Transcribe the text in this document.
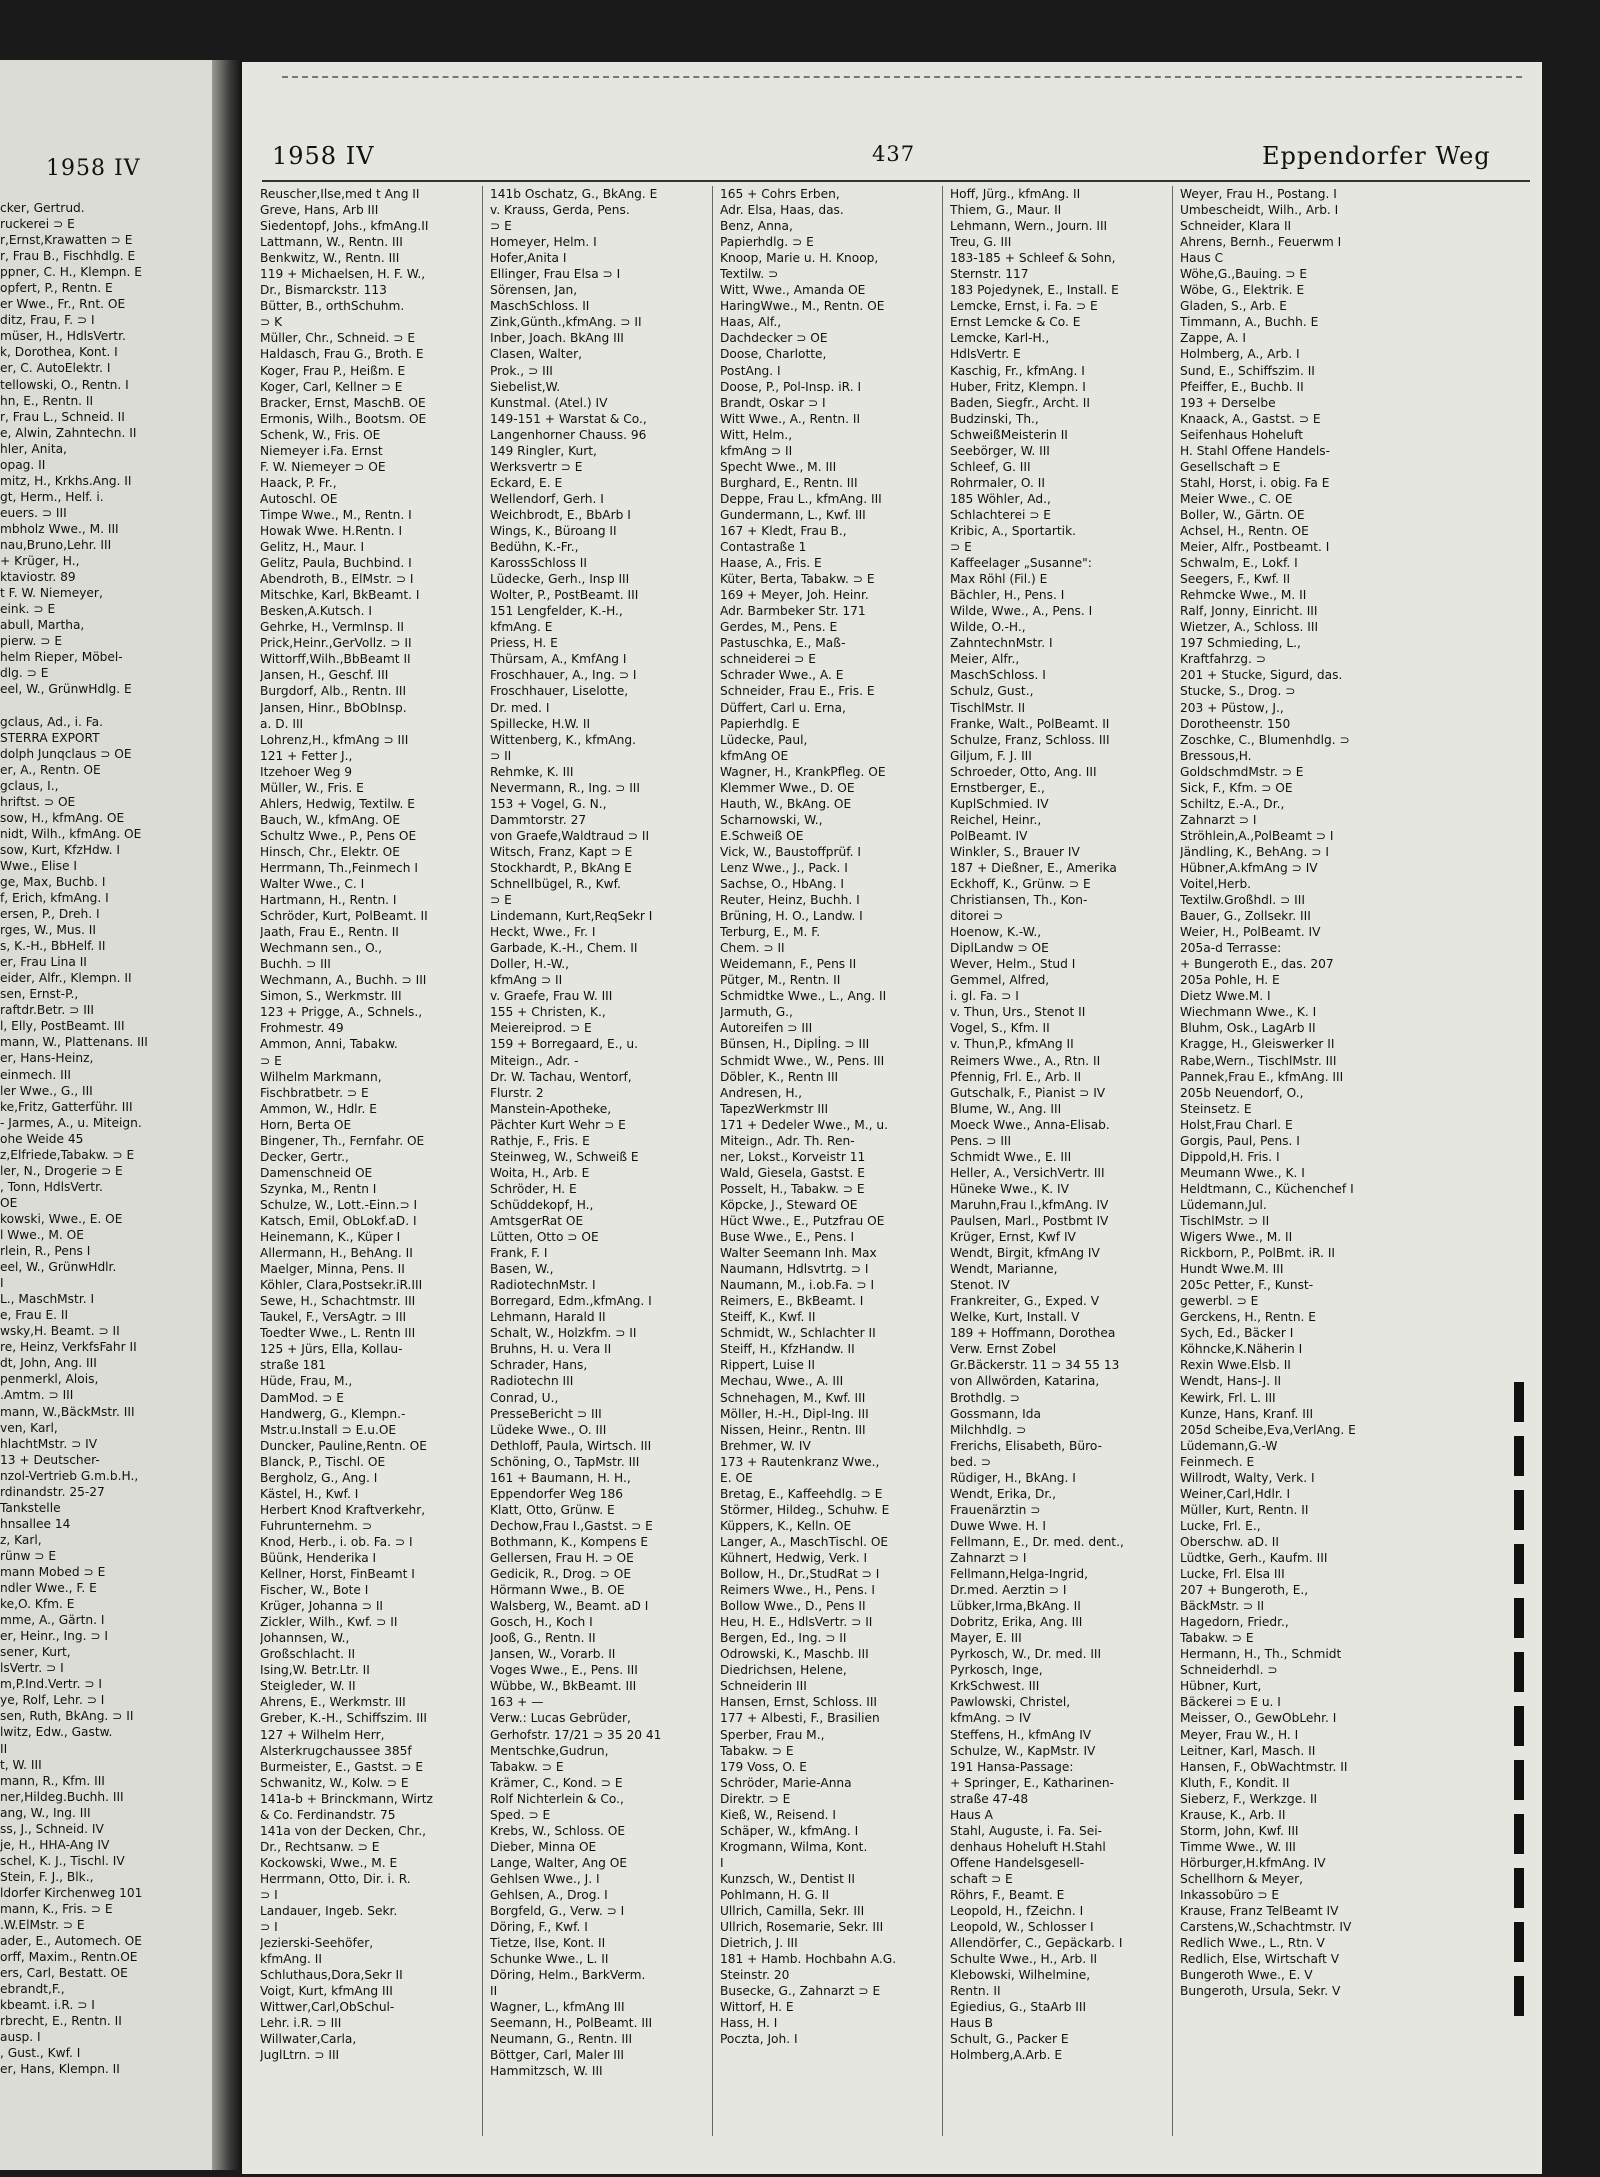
1958 IV
cker, Gertrud.
ruckerei ⊃ E
r,Ernst,Krawatten ⊃ E
r, Frau B., Fischhdlg. E
ppner, C. H., Klempn. E
opfert, P., Rentn. E
er Wwe., Fr., Rnt. OE
ditz, Frau, F. ⊃ I
müser, H., HdlsVertr.
k, Dorothea, Kont. I
er, C. AutoElektr. I
tellowski, O., Rentn. I
hn, E., Rentn. II
r, Frau L., Schneid. II
e, Alwin, Zahntechn. II
hler, Anita,
opag. II
mitz, H., Krkhs.Ang. II
gt, Herm., Helf. i.
euers. ⊃ III
mbholz Wwe., M. III
nau,Bruno,Lehr. III
+ Krüger, H.,
ktaviostr. 89
t F. W. Niemeyer,
eink. ⊃ E
abull, Martha,
pierw. ⊃ E
helm Rieper, Möbel-
dlg. ⊃ E
eel, W., GrünwHdlg. E

gclaus, Ad., i. Fa.
STERRA EXPORT
dolph Junqclaus ⊃ OE
er, A., Rentn. OE
gclaus, I.,
hriftst. ⊃ OE
sow, H., kfmAng. OE
nidt, Wilh., kfmAng. OE
sow, Kurt, KfzHdw. I
Wwe., Elise I
ge, Max, Buchb. I
f, Erich, kfmAng. I
ersen, P., Dreh. I
rges, W., Mus. II
s, K.-H., BbHelf. II
er, Frau Lina II
eider, Alfr., Klempn. II
sen, Ernst-P.,
raftdr.Betr. ⊃ III
l, Elly, PostBeamt. III
mann, W., Plattenans. III
er, Hans-Heinz,
einmech. III
ler Wwe., G., III
ke,Fritz, Gatterführ. III
- Jarmes, A., u. Miteign.
ohe Weide 45
z,Elfriede,Tabakw. ⊃ E
ler, N., Drogerie ⊃ E
, Tonn, HdlsVertr.
OE
kowski, Wwe., E. OE
l Wwe., M. OE
rlein, R., Pens I
eel, W., GrünwHdlr.
I
L., MaschMstr. I
e, Frau E. II
wsky,H. Beamt. ⊃ II
re, Heinz, VerkfsFahr II
dt, John, Ang. III
penmerkl, Alois,
.Amtm. ⊃ III
mann, W.,BäckMstr. III
ven, Karl,
hlachtMstr. ⊃ IV
13 + Deutscher-
nzol-Vertrieb G.m.b.H.,
rdinandstr. 25-27
Tankstelle
hnsallee 14
z, Karl,
rünw ⊃ E
mann Mobed ⊃ E
ndler Wwe., F. E
ke,O. Kfm. E
mme, A., Gärtn. I
er, Heinr., Ing. ⊃ I
sener, Kurt,
lsVertr. ⊃ I
m,P.Ind.Vertr. ⊃ I
ye, Rolf, Lehr. ⊃ I
sen, Ruth, BkAng. ⊃ II
lwitz, Edw., Gastw.
II
t, W. III
mann, R., Kfm. III
ner,Hildeg.Buchh. III
ang, W., Ing. III
ss, J., Schneid. IV
je, H., HHA-Ang IV
schel, K. J., Tischl. IV
Stein, F. J., Blk.,
ldorfer Kirchenweg 101
mann, K., Fris. ⊃ E
.W.ElMstr. ⊃ E
ader, E., Automech. OE
orff, Maxim., Rentn.OE
ers, Carl, Bestatt. OE
ebrandt,F.,
kbeamt. i.R. ⊃ I
rbrecht, E., Rentn. II
ausp. I
, Gust., Kwf. I
er, Hans, Klempn. II
1958 IV	437	Eppendorfer Weg
Reuscher,Ilse,med t Ang II
Greve, Hans, Arb III
Siedentopf, Johs., kfmAng.II
Lattmann, W., Rentn. III
Benkwitz, W., Rentn. III
119 + Michaelsen, H. F. W.,
Dr., Bismarckstr. 113
Bütter, B., orthSchuhm.
⊃ K
Müller, Chr., Schneid. ⊃ E
Haldasch, Frau G., Broth. E
Koger, Frau P., Heißm. E
Koger, Carl, Kellner ⊃ E
Bracker, Ernst, MaschB. OE
Ermonis, Wilh., Bootsm. OE
Schenk, W., Fris. OE
Niemeyer i.Fa. Ernst
F. W. Niemeyer ⊃ OE
Haack, P. Fr.,
Autoschl. OE
Timpe Wwe., M., Rentn. I
Howak Wwe. H.Rentn. I
Gelitz, H., Maur. I
Gelitz, Paula, Buchbind. I
Abendroth, B., ElMstr. ⊃ I
Mitschke, Karl, BkBeamt. I
Besken,A.Kutsch. I
Gehrke, H., VermInsp. II
Prick,Heinr.,GerVollz. ⊃ II
Wittorff,Wilh.,BbBeamt II
Jansen, H., Geschf. III
Burgdorf, Alb., Rentn. III
Jansen, Hinr., BbObInsp.
a. D. III
Lohrenz,H., kfmAng ⊃ III
121 + Fetter J.,
Itzehoer Weg 9
Müller, W., Fris. E
Ahlers, Hedwig, Textilw. E
Bauch, W., kfmAng. OE
Schultz Wwe., P., Pens OE
Hinsch, Chr., Elektr. OE
Herrmann, Th.,Feinmech I
Walter Wwe., C. I
Hartmann, H., Rentn. I
Schröder, Kurt, PolBeamt. II
Jaath, Frau E., Rentn. II
Wechmann sen., O.,
Buchh. ⊃ III
Wechmann, A., Buchh. ⊃ III
Simon, S., Werkmstr. III
123 + Prigge, A., Schnels.,
Frohmestr. 49
Ammon, Anni, Tabakw.
⊃ E
Wilhelm Markmann,
Fischbratbetr. ⊃ E
Ammon, W., Hdlr. E
Horn, Berta OE
Bingener, Th., Fernfahr. OE
Decker, Gertr.,
Damenschneid OE
Szynka, M., Rentn I
Schulze, W., Lott.-Einn.⊃ I
Katsch, Emil, ObLokf.aD. I
Heinemann, K., Küper I
Allermann, H., BehAng. II
Maelger, Minna, Pens. II
Köhler, Clara,Postsekr.iR.III
Sewe, H., Schachtmstr. III
Taukel, F., VersAgtr. ⊃ III
Toedter Wwe., L. Rentn III
125 + Jürs, Ella, Kollau-
straße 181
Hüde, Frau, M.,
DamMod. ⊃ E
Handwerg, G., Klempn.-
Mstr.u.Install ⊃ E.u.OE
Duncker, Pauline,Rentn. OE
Blanck, P., Tischl. OE
Bergholz, G., Ang. I
Kästel, H., Kwf. I
Herbert Knod Kraftverkehr,
Fuhrunternehm. ⊃
Knod, Herb., i. ob. Fa. ⊃ I
Büünk, Henderika I
Kellner, Horst, FinBeamt I
Fischer, W., Bote I
Krüger, Johanna ⊃ II
Zickler, Wilh., Kwf. ⊃ II
Johannsen, W.,
Großschlacht. II
Ising,W. Betr.Ltr. II
Steigleder, W. II
Ahrens, E., Werkmstr. III
Greber, K.-H., Schiffszim. III
127 + Wilhelm Herr,
Alsterkrugchaussee 385f
Burmeister, E., Gastst. ⊃ E
Schwanitz, W., Kolw. ⊃ E
141a-b + Brinckmann, Wirtz
& Co. Ferdinandstr. 75
141a von der Decken, Chr.,
Dr., Rechtsanw. ⊃ E
Kockowski, Wwe., M. E
Herrmann, Otto, Dir. i. R.
⊃ I
Landauer, Ingeb. Sekr.
⊃ I
Jezierski-Seehöfer,
kfmAng. II
Schluthaus,Dora,Sekr II
Voigt, Kurt, kfmAng III
Wittwer,Carl,ObSchul-
Lehr. i.R. ⊃ III
Willwater,Carla,
JuglLtrn. ⊃ III
141b Oschatz, G., BkAng. E
v. Krauss, Gerda, Pens.
⊃ E
Homeyer, Helm. I
Hofer,Anita I
Ellinger, Frau Elsa ⊃ I
Sörensen, Jan,
MaschSchloss. II
Zink,Günth.,kfmAng. ⊃ II
Inber, Joach. BkAng III
Clasen, Walter,
Prok., ⊃ III
Siebelist,W.
Kunstmal. (Atel.) IV
149-151 + Warstat & Co.,
Langenhorner Chauss. 96
149 Ringler, Kurt,
Werksvertr ⊃ E
Eckard, E. E
Wellendorf, Gerh. I
Weichbrodt, E., BbArb I
Wings, K., Büroang II
Bedühn, K.-Fr.,
KarossSchloss II
Lüdecke, Gerh., Insp III
Wolter, P., PostBeamt. III
151 Lengfelder, K.-H.,
kfmAng. E
Priess, H. E
Thürsam, A., KmfAng I
Froschhauer, A., Ing. ⊃ I
Froschhauer, Liselotte,
Dr. med. I
Spillecke, H.W. II
Wittenberg, K., kfmAng.
⊃ II
Rehmke, K. III
Nevermann, R., Ing. ⊃ III
153 + Vogel, G. N.,
Dammtorstr. 27
von Graefe,Waldtraud ⊃ II
Witsch, Franz, Kapt ⊃ E
Stockhardt, P., BkAng E
Schnellbügel, R., Kwf.
⊃ E
Lindemann, Kurt,ReqSekr I
Heckt, Wwe., Fr. I
Garbade, K.-H., Chem. II
Doller, H.-W.,
kfmAng ⊃ II
v. Graefe, Frau W. III
155 + Christen, K.,
Meiereiprod. ⊃ E
159 + Borregaard, E., u.
Miteign., Adr. -
Dr. W. Tachau, Wentorf,
Flurstr. 2
Manstein-Apotheke,
Pächter Kurt Wehr ⊃ E
Rathje, F., Fris. E
Steinweg, W., Schweiß E
Woita, H., Arb. E
Schröder, H. E
Schüddekopf, H.,
AmtsgerRat OE
Lütten, Otto ⊃ OE
Frank, F. I
Basen, W.,
RadiotechnMstr. I
Borregard, Edm.,kfmAng. I
Lehmann, Harald II
Schalt, W., Holzkfm. ⊃ II
Bruhns, H. u. Vera II
Schrader, Hans,
Radiotechn III
Conrad, U.,
PresseBericht ⊃ III
Lüdeke Wwe., O. III
Dethloff, Paula, Wirtsch. III
Schöning, O., TapMstr. III
161 + Baumann, H. H.,
Eppendorfer Weg 186
Klatt, Otto, Grünw. E
Dechow,Frau I.,Gastst. ⊃ E
Bothmann, K., Kompens E
Gellersen, Frau H. ⊃ OE
Gedicik, R., Drog. ⊃ OE
Hörmann Wwe., B. OE
Walsberg, W., Beamt. aD I
Gosch, H., Koch I
Jooß, G., Rentn. II
Jansen, W., Vorarb. II
Voges Wwe., E., Pens. III
Wübbe, W., BkBeamt. III
163 + —
Verw.: Lucas Gebrüder,
Gerhofstr. 17/21 ⊃ 35 20 41
Mentschke,Gudrun,
Tabakw. ⊃ E
Krämer, C., Kond. ⊃ E
Rolf Nichterlein & Co.,
Sped. ⊃ E
Krebs, W., Schloss. OE
Dieber, Minna OE
Lange, Walter, Ang OE
Gehlsen Wwe., J. I
Gehlsen, A., Drog. I
Borgfeld, G., Verw. ⊃ I
Döring, F., Kwf. I
Tietze, Ilse, Kont. II
Schunke Wwe., L. II
Döring, Helm., BarkVerm.
II
Wagner, L., kfmAng III
Seemann, H., PolBeamt. III
Neumann, G., Rentn. III
Böttger, Carl, Maler III
Hammitzsch, W. III
165 + Cohrs Erben,
Adr. Elsa, Haas, das.
Benz, Anna,
Papierhdlg. ⊃ E
Knoop, Marie u. H. Knoop,
Textilw. ⊃
Witt, Wwe., Amanda OE
HaringWwe., M., Rentn. OE
Haas, Alf.,
Dachdecker ⊃ OE
Doose, Charlotte,
PostAng. I
Doose, P., Pol-Insp. iR. I
Brandt, Oskar ⊃ I
Witt Wwe., A., Rentn. II
Witt, Helm.,
kfmAng ⊃ II
Specht Wwe., M. III
Burghard, E., Rentn. III
Deppe, Frau L., kfmAng. III
Gundermann, L., Kwf. III
167 + Kledt, Frau B.,
Contastraße 1
Haase, A., Fris. E
Küter, Berta, Tabakw. ⊃ E
169 + Meyer, Joh. Heinr.
Adr. Barmbeker Str. 171
Gerdes, M., Pens. E
Pastuschka, E., Maß-
schneiderei ⊃ E
Schrader Wwe., A. E
Schneider, Frau E., Fris. E
Düffert, Carl u. Erna,
Papierhdlg. E
Lüdecke, Paul,
kfmAng OE
Wagner, H., KrankPfleg. OE
Klemmer Wwe., D. OE
Hauth, W., BkAng. OE
Scharnowski, W.,
E.Schweiß OE
Vick, W., Baustoffprüf. I
Lenz Wwe., J., Pack. I
Sachse, O., HbAng. I
Reuter, Heinz, Buchh. I
Brüning, H. O., Landw. I
Terburg, E., M. F.
Chem. ⊃ II
Weidemann, F., Pens II
Pütger, M., Rentn. II
Schmidtke Wwe., L., Ang. II
Jarmuth, G.,
Autoreifen ⊃ III
Bünsen, H., Diplİng. ⊃ III
Schmidt Wwe., W., Pens. III
Döbler, K., Rentn III
Andresen, H.,
TapezWerkmstr III
171 + Dedeler Wwe., M., u.
Miteign., Adr. Th. Ren-
ner, Lokst., Korveistr 11
Wald, Giesela, Gastst. E
Posselt, H., Tabakw. ⊃ E
Köpcke, J., Steward OE
Hüct Wwe., E., Putzfrau OE
Buse Wwe., E., Pens. I
Walter Seemann Inh. Max
Naumann, Hdlsvtrtg. ⊃ I
Naumann, M., i.ob.Fa. ⊃ I
Reimers, E., BkBeamt. I
Steiff, K., Kwf. II
Schmidt, W., Schlachter II
Steiff, H., KfzHandw. II
Rippert, Luise II
Mechau, Wwe., A. III
Schnehagen, M., Kwf. III
Möller, H.-H., Dipl-Ing. III
Nissen, Heinr., Rentn. III
Brehmer, W. IV
173 + Rautenkranz Wwe.,
E. OE
Bretag, E., Kaffeehdlg. ⊃ E
Störmer, Hildeg., Schuhw. E
Küppers, K., Kelln. OE
Langer, A., MaschTischl. OE
Kühnert, Hedwig, Verk. I
Bollow, H., Dr.,StudRat ⊃ I
Reimers Wwe., H., Pens. I
Bollow Wwe., D., Pens II
Heu, H. E., HdlsVertr. ⊃ II
Bergen, Ed., Ing. ⊃ II
Odrowski, K., Maschb. III
Diedrichsen, Helene,
Schneiderin III
Hansen, Ernst, Schloss. III
177 + Albesti, F., Brasilien
Sperber, Frau M.,
Tabakw. ⊃ E
179 Voss, O. E
Schröder, Marie-Anna
Direktr. ⊃ E
Kieß, W., Reisend. I
Schäper, W., kfmAng. I
Krogmann, Wilma, Kont.
I
Kunzsch, W., Dentist II
Pohlmann, H. G. II
Ullrich, Camilla, Sekr. III
Ullrich, Rosemarie, Sekr. III
Dietrich, J. III
181 + Hamb. Hochbahn A.G.
Steinstr. 20
Busecke, G., Zahnarzt ⊃ E
Wittorf, H. E
Hass, H. I
Poczta, Joh. I
Hoff, Jürg., kfmAng. II
Thiem, G., Maur. II
Lehmann, Wern., Journ. III
Treu, G. III
183-185 + Schleef & Sohn,
Sternstr. 117
183 Pojedynek, E., Install. E
Lemcke, Ernst, i. Fa. ⊃ E
Ernst Lemcke & Co. E
Lemcke, Karl-H.,
HdlsVertr. E
Kaschig, Fr., kfmAng. I
Huber, Fritz, Klempn. I
Baden, Siegfr., Archt. II
Budzinski, Th.,
SchweißMeisterin II
Seebörger, W. III
Schleef, G. III
Rohrmaler, O. II
185 Wöhler, Ad.,
Schlachterei ⊃ E
Kribic, A., Sportartik.
⊃ E
Kaffeelager „Susanne":
Max Röhl (Fil.) E
Bächler, H., Pens. I
Wilde, Wwe., A., Pens. I
Wilde, O.-H.,
ZahntechnMstr. I
Meier, Alfr.,
MaschSchloss. I
Schulz, Gust.,
TischlMstr. II
Franke, Walt., PolBeamt. II
Schulze, Franz, Schloss. III
Giljum, F. J. III
Schroeder, Otto, Ang. III
Ernstberger, E.,
KuplSchmied. IV
Reichel, Heinr.,
PolBeamt. IV
Winkler, S., Brauer IV
187 + Dießner, E., Amerika
Eckhoff, K., Grünw. ⊃ E
Christiansen, Th., Kon-
ditorei ⊃
Hoenow, K.-W.,
DiplLandw ⊃ OE
Wever, Helm., Stud I
Gemmel, Alfred,
i. gl. Fa. ⊃ I
v. Thun, Urs., Stenot II
Vogel, S., Kfm. II
v. Thun,P., kfmAng II
Reimers Wwe., A., Rtn. II
Pfennig, Frl. E., Arb. II
Gutschalk, F., Pianist ⊃ IV
Blume, W., Ang. III
Moeck Wwe., Anna-Elisab.
Pens. ⊃ III
Schmidt Wwe., E. III
Heller, A., VersichVertr. III
Hüneke Wwe., K. IV
Maruhn,Frau I.,kfmAng. IV
Paulsen, Marl., Postbmt IV
Krüger, Ernst, Kwf IV
Wendt, Birgit, kfmAng IV
Wendt, Marianne,
Stenot. IV
Frankreiter, G., Exped. V
Welke, Kurt, Install. V
189 + Hoffmann, Dorothea
Verw. Ernst Zobel
Gr.Bäckerstr. 11 ⊃ 34 55 13
von Allwörden, Katarina,
Brothdlg. ⊃
Gossmann, Ida
Milchhdlg. ⊃
Frerichs, Elisabeth, Büro-
bed. ⊃
Rüdiger, H., BkAng. I
Wendt, Erika, Dr.,
Frauenärztin ⊃
Duwe Wwe. H. I
Fellmann, E., Dr. med. dent.,
Zahnarzt ⊃ I
Fellmann,Helga-Ingrid,
Dr.med. Aerztin ⊃ I
Lübker,Irma,BkAng. II
Dobritz, Erika, Ang. III
Mayer, E. III
Pyrkosch, W., Dr. med. III
Pyrkosch, Inge,
KrkSchwest. III
Pawlowski, Christel,
kfmAng. ⊃ IV
Steffens, H., kfmAng IV
Schulze, W., KapMstr. IV
191 Hansa-Passage:
+ Springer, E., Katharinen-
straße 47-48
Haus A
Stahl, Auguste, i. Fa. Sei-
denhaus Hoheluft H.Stahl
Offene Handelsgesell-
schaft ⊃ E
Röhrs, F., Beamt. E
Leopold, H., fZeichn. I
Leopold, W., Schlosser I
Allendörfer, C., Gepäckarb. I
Schulte Wwe., H., Arb. II
Klebowski, Wilhelmine,
Rentn. II
Egiedius, G., StaArb III
Haus B
Schult, G., Packer E
Holmberg,A.Arb. E
Weyer, Frau H., Postang. I
Umbescheidt, Wilh., Arb. I
Schneider, Klara II
Ahrens, Bernh., Feuerwm I
Haus C
Wöhe,G.,Bauing. ⊃ E
Wöbe, G., Elektrik. E
Gladen, S., Arb. E
Timmann, A., Buchh. E
Zappe, A. I
Holmberg, A., Arb. I
Sund, E., Schiffszim. II
Pfeiffer, E., Buchb. II
193 + Derselbe
Knaack, A., Gastst. ⊃ E
Seifenhaus Hoheluft
H. Stahl Offene Handels-
Gesellschaft ⊃ E
Stahl, Horst, i. obig. Fa E
Meier Wwe., C. OE
Boller, W., Gärtn. OE
Achsel, H., Rentn. OE
Meier, Alfr., Postbeamt. I
Schwalm, E., Lokf. I
Seegers, F., Kwf. II
Rehmcke Wwe., M. II
Ralf, Jonny, Einricht. III
Wietzer, A., Schloss. III
197 Schmieding, L.,
Kraftfahrzg. ⊃
201 + Stucke, Sigurd, das.
Stucke, S., Drog. ⊃
203 + Püstow, J.,
Dorotheenstr. 150
Zoschke, C., Blumenhdlg. ⊃
Bressous,H.
GoldschmdMstr. ⊃ E
Sick, F., Kfm. ⊃ OE
Schiltz, E.-A., Dr.,
Zahnarzt ⊃ I
Ströhlein,A.,PolBeamt ⊃ I
Jändling, K., BehAng. ⊃ I
Hübner,A.kfmAng ⊃ IV
Voitel,Herb.
Textilw.Großhdl. ⊃ III
Bauer, G., Zollsekr. III
Weier, H., PolBeamt. IV
205a-d Terrasse:
+ Bungeroth E., das. 207
205a Pohle, H. E
Dietz Wwe.M. I
Wiechmann Wwe., K. I
Bluhm, Osk., LagArb II
Kragge, H., Gleiswerker II
Rabe,Wern., TischlMstr. III
Pannek,Frau E., kfmAng. III
205b Neuendorf, O.,
Steinsetz. E
Holst,Frau Charl. E
Gorgis, Paul, Pens. I
Dippold,H. Fris. I
Meumann Wwe., K. I
Heldtmann, C., Küchenchef I
Lüdemann,Jul.
TischlMstr. ⊃ II
Wigers Wwe., M. II
Rickborn, P., PolBmt. iR. II
Hundt Wwe.M. III
205c Petter, F., Kunst-
gewerbl. ⊃ E
Gerckens, H., Rentn. E
Sych, Ed., Bäcker I
Köhncke,K.Näherin I
Rexin Wwe.Elsb. II
Wendt, Hans-J. II
Kewirk, Frl. L. III
Kunze, Hans, Kranf. III
205d Scheibe,Eva,VerlAng. E
Lüdemann,G.-W
Feinmech. E
Willrodt, Walty, Verk. I
Weiner,Carl,Hdlr. I
Müller, Kurt, Rentn. II
Lucke, Frl. E.,
Oberschw. aD. II
Lüdtke, Gerh., Kaufm. III
Lucke, Frl. Elsa III
207 + Bungeroth, E.,
BäckMstr. ⊃ II
Hagedorn, Friedr.,
Tabakw. ⊃ E
Hermann, H., Th., Schmidt
Schneiderhdl. ⊃
Hübner, Kurt,
Bäckerei ⊃ E u. I
Meisser, O., GewObLehr. I
Meyer, Frau W., H. I
Leitner, Karl, Masch. II
Hansen, F., ObWachtmstr. II
Kluth, F., Kondit. II
Sieberz, F., Werkzge. II
Krause, K., Arb. II
Storm, John, Kwf. III
Timme Wwe., W. III
Hörburger,H.kfmAng. IV
Schellhorn & Meyer,
Inkassobüro ⊃ E
Krause, Franz TelBeamt IV
Carstens,W.,Schachtmstr. IV
Redlich Wwe., L., Rtn. V
Redlich, Else, Wirtschaft V
Bungeroth Wwe., E. V
Bungeroth, Ursula, Sekr. V
